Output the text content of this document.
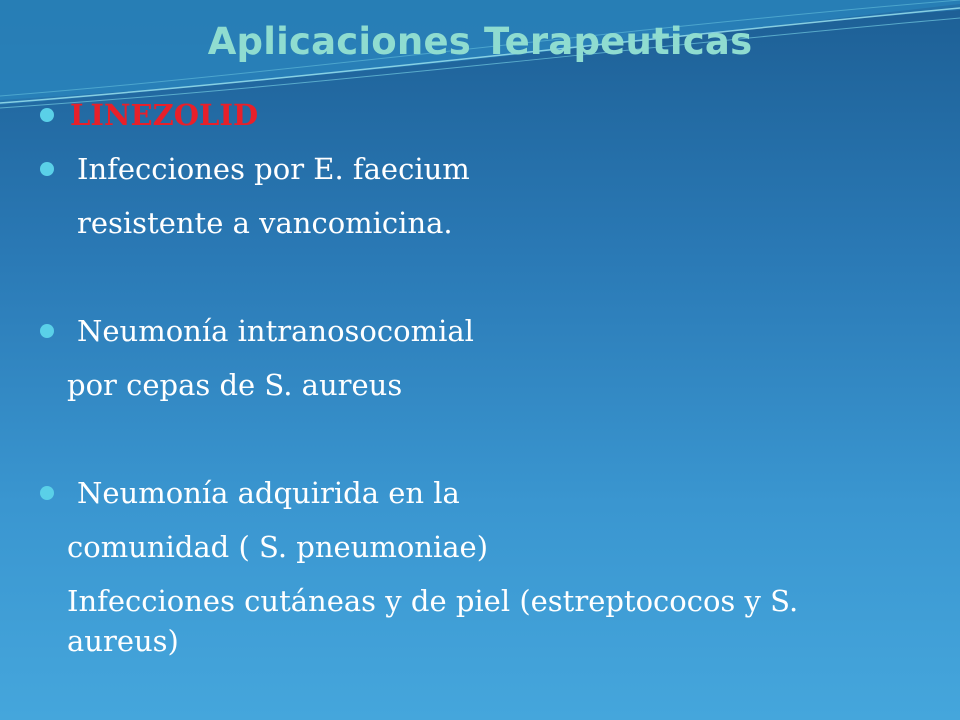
Aplicaciones Terapeuticas
LINEZOLID
Infecciones por E. faecium
resistente a vancomicina.
Neumonía intranosocomial
por cepas de S. aureus
Neumonía adquirida en la
comunidad ( S. pneumoniae)
Infecciones cutáneas y de piel (estreptococos y S. aureus)
